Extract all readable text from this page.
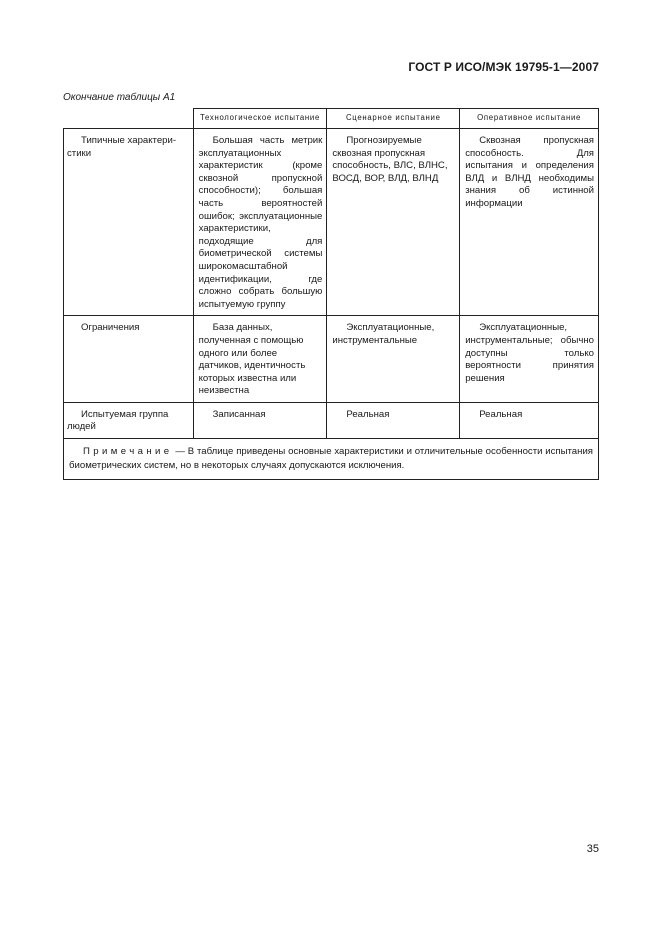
ГОСТ Р ИСО/МЭК 19795-1—2007
Окончание таблицы А1
	Технологическое испытание	Сценарное испытание	Оперативное испытание

Типичные характери-стики	Большая часть метрик эксплуатационных характеристик (кроме сквозной пропускной способности); большая часть вероятностей ошибок; эксплуатационные характеристики, подходящие для биометрической системы широкомасштабной идентификации, где сложно собрать большую испытуемую группу	Прогнозируемые сквозная пропускная способность, ВЛС, ВЛНС, ВОСД, ВОР, ВЛД, ВЛНД	Сквозная пропускная способность. Для испытания и определения ВЛД и ВЛНД необходимы знания об истинной информации

Ограничения	База данных, полученная с помощью одного или более датчиков, идентичность которых известна или неизвестна	Эксплуатационные, инструментальные	Эксплуатационные, инструментальные; обычно доступны только вероятности принятия решения

Испытуемая группа людей	Записанная	Реальная	Реальная

Примечание — В таблице приведены основные характеристики и отличительные особенности испытания биометрических систем, но в некоторых случаях допускаются исключения.			
35
